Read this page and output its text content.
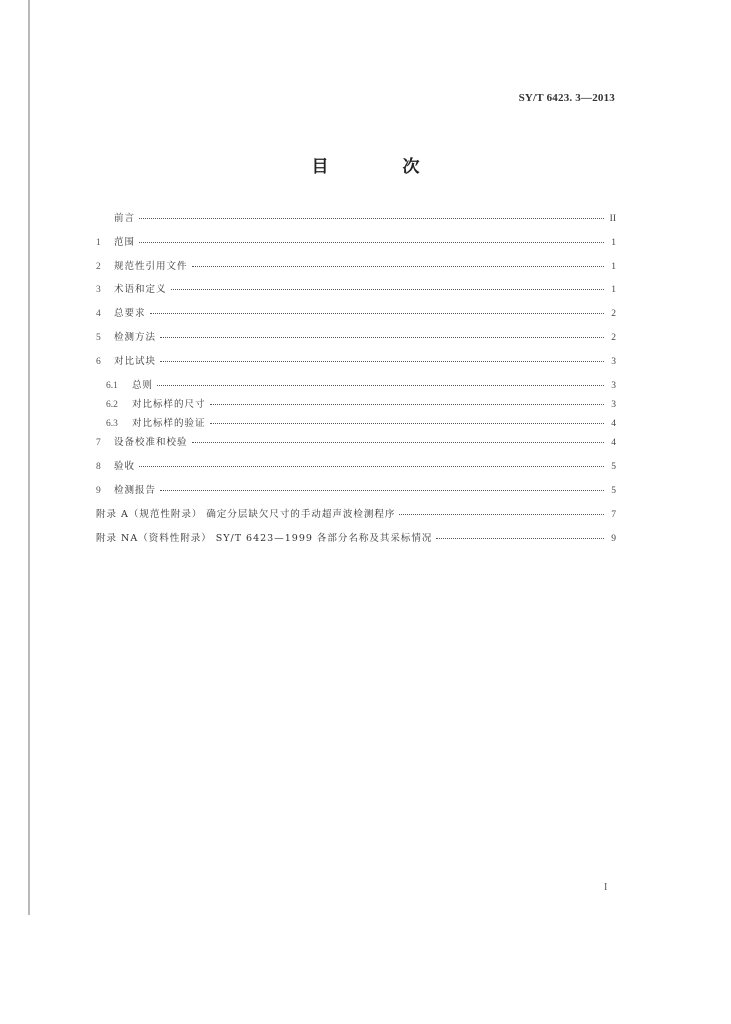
SY/T 6423. 3—2013
目 次
前言	II
1	范围	1
2	规范性引用文件	1
3	术语和定义	1
4	总要求	2
5	检测方法	2
6	对比试块	3
6.1	总则	3
6.2	对比标样的尺寸	3
6.3	对比标样的验证	4
7	设备校准和校验	4
8	验收	5
9	检测报告	5
附录 A（规范性附录） 确定分层缺欠尺寸的手动超声波检测程序	7
附录 NA（资料性附录） SY/T 6423—1999 各部分名称及其采标情况	9
I
